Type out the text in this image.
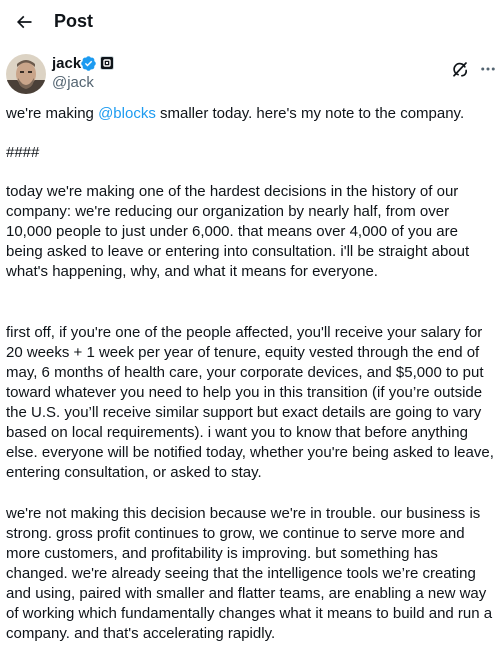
Post
jack
@jack

we're making @blocks smaller today. here's my note to the company.

####

today we're making one of the hardest decisions in the history of our company: we're reducing our organization by nearly half, from over 10,000 people to just under 6,000. that means over 4,000 of you are being asked to leave or entering into consultation. i'll be straight about what's happening, why, and what it means for everyone.

first off, if you're one of the people affected, you'll receive your salary for 20 weeks + 1 week per year of tenure, equity vested through the end of may, 6 months of health care, your corporate devices, and $5,000 to put toward whatever you need to help you in this transition (if you’re outside the U.S. you’ll receive similar support but exact details are going to vary based on local requirements). i want you to know that before anything else. everyone will be notified today, whether you're being asked to leave, entering consultation, or asked to stay.

we're not making this decision because we're in trouble. our business is strong. gross profit continues to grow, we continue to serve more and more customers, and profitability is improving. but something has changed. we're already seeing that the intelligence tools we’re creating and using, paired with smaller and flatter teams, are enabling a new way of working which fundamentally changes what it means to build and run a company. and that's accelerating rapidly.
